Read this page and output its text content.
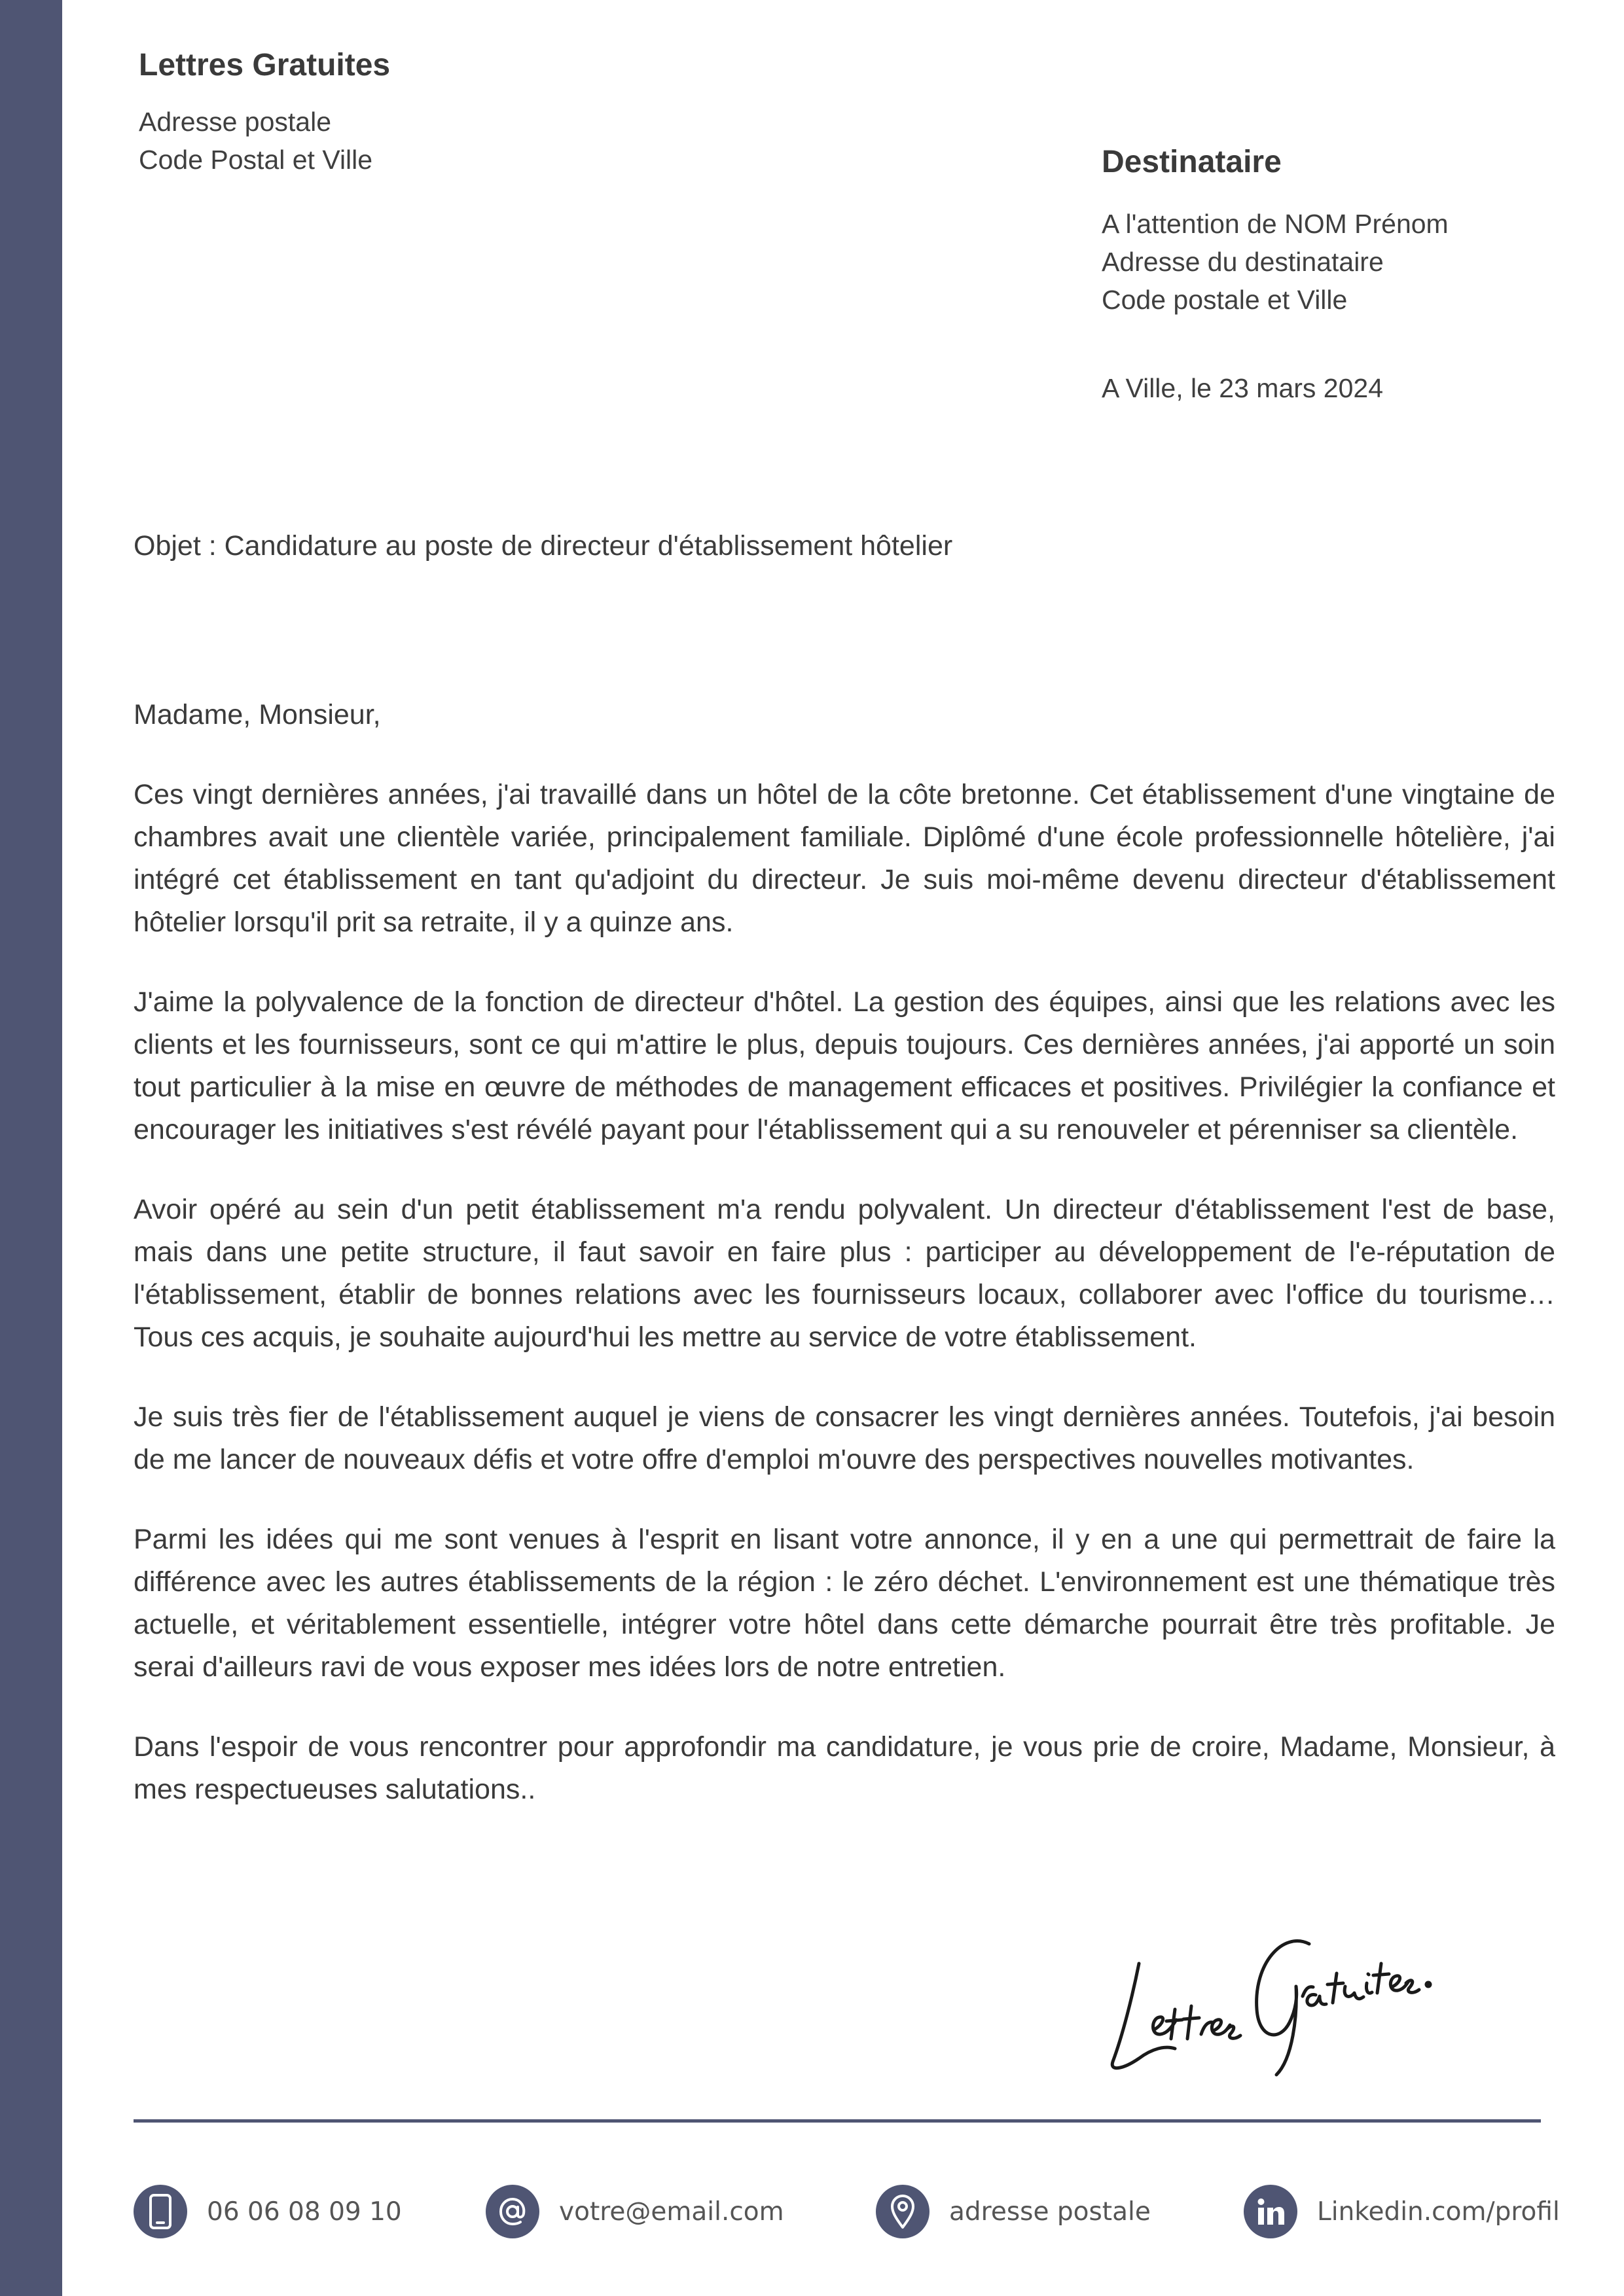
Lettres Gratuites
Adresse postale
Code Postal et Ville	Destinataire
A l'attention de NOM Prénom
Adresse du destinataire
Code postale et Ville
A Ville, le 23 mars 2024
Objet : Candidature au poste de directeur d'établissement hôtelier

Madame, Monsieur,

Ces vingt dernières années, j'ai travaillé dans un hôtel de la côte bretonne. Cet établissement d'une vingtaine de chambres avait une clientèle variée, principalement familiale. Diplômé d'une école professionnelle hôtelière, j'ai intégré cet établissement en tant qu'adjoint du directeur. Je suis moi-même devenu directeur d'établissement hôtelier lorsqu'il prit sa retraite, il y a quinze ans.

J'aime la polyvalence de la fonction de directeur d'hôtel. La gestion des équipes, ainsi que les relations avec les clients et les fournisseurs, sont ce qui m'attire le plus, depuis toujours. Ces dernières années, j'ai apporté un soin tout particulier à la mise en œuvre de méthodes de management efficaces et positives. Privilégier la confiance et encourager les initiatives s'est révélé payant pour l'établissement qui a su renouveler et pérenniser sa clientèle.

Avoir opéré au sein d'un petit établissement m'a rendu polyvalent. Un directeur d'établissement l'est de base, mais dans une petite structure, il faut savoir en faire plus : participer au développement de l'e-réputation de l'établissement, établir de bonnes relations avec les fournisseurs locaux, collaborer avec l'office du tourisme… Tous ces acquis, je souhaite aujourd'hui les mettre au service de votre établissement.

Je suis très fier de l'établissement auquel je viens de consacrer les vingt dernières années. Toutefois, j'ai besoin de me lancer de nouveaux défis et votre offre d'emploi m'ouvre des perspectives nouvelles motivantes.

Parmi les idées qui me sont venues à l'esprit en lisant votre annonce, il y en a une qui permettrait de faire la différence avec les autres établissements de la région : le zéro déchet. L'environnement est une thématique très actuelle, et véritablement essentielle, intégrer votre hôtel dans cette démarche pourrait être très profitable. Je serai d'ailleurs ravi de vous exposer mes idées lors de notre entretien.

Dans l'espoir de vous rencontrer pour approfondir ma candidature, je vous prie de croire, Madame, Monsieur, à mes respectueuses salutations..

06 06 08 09 10	votre@email.com	adresse postale	Linkedin.com/profil
